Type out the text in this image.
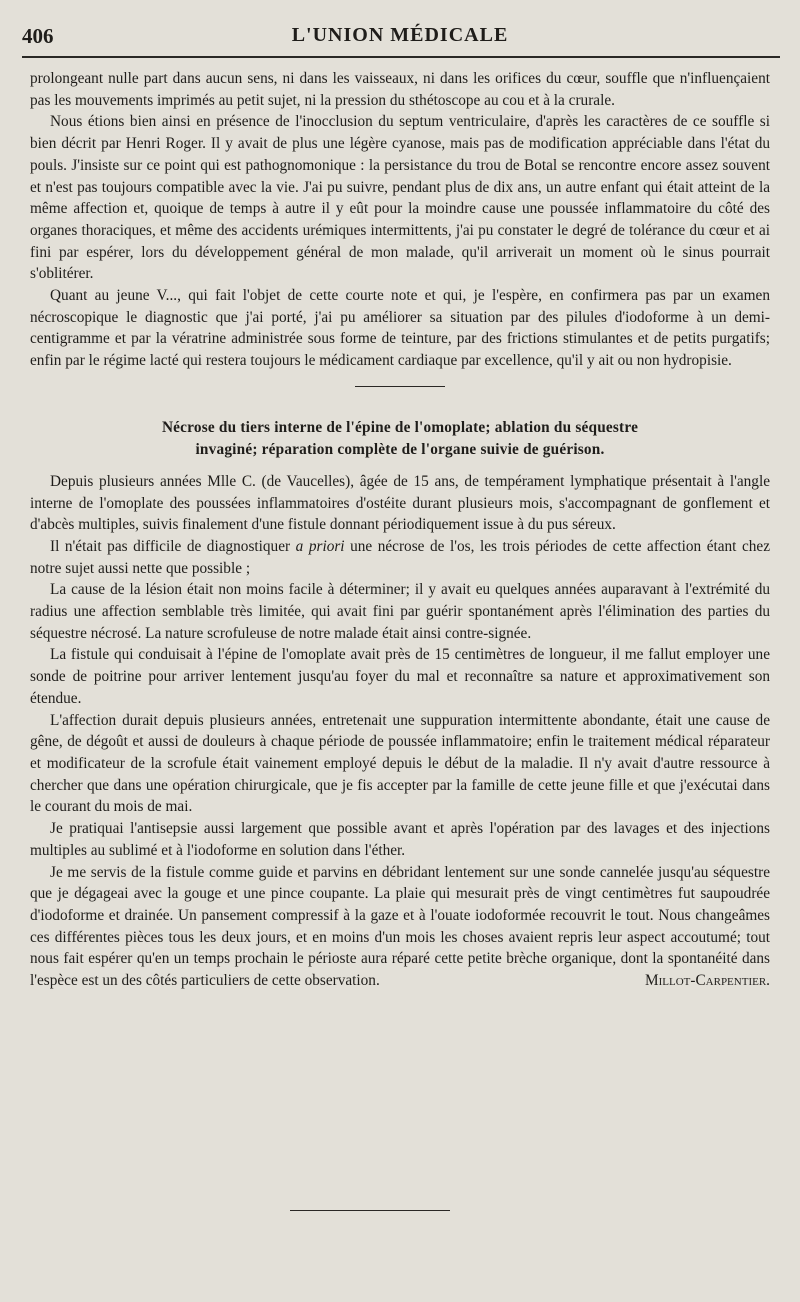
406	L'UNION MÉDICALE

prolongeant nulle part dans aucun sens, ni dans les vaisseaux, ni dans les orifices du cœur, souffle que n'influençaient pas les mouvements imprimés au petit sujet, ni la pression du sthétoscope au cou et à la crurale.

Nous étions bien ainsi en présence de l'inocclusion du septum ventriculaire, d'après les caractères de ce souffle si bien décrit par Henri Roger. Il y avait de plus une légère cyanose, mais pas de modification appréciable dans l'état du pouls. J'insiste sur ce point qui est pathognomonique : la persistance du trou de Botal se rencontre encore assez souvent et n'est pas toujours compatible avec la vie. J'ai pu suivre, pendant plus de dix ans, un autre enfant qui était atteint de la même affection et, quoique de temps à autre il y eût pour la moindre cause une poussée inflammatoire du côté des organes thoraciques, et même des accidents urémiques intermittents, j'ai pu constater le degré de tolérance du cœur et ai fini par espérer, lors du développement général de mon malade, qu'il arriverait un moment où le sinus pourrait s'oblitérer.

Quant au jeune V..., qui fait l'objet de cette courte note et qui, je l'espère, en confirmera pas par un examen nécroscopique le diagnostic que j'ai porté, j'ai pu améliorer sa situation par des pilules d'iodoforme à un demi-centigramme et par la vératrine administrée sous forme de teinture, par des frictions stimulantes et de petits purgatifs; enfin par le régime lacté qui restera toujours le médicament cardiaque par excellence, qu'il y ait ou non hydropisie.

Nécrose du tiers interne de l'épine de l'omoplate; ablation du séquestre
invaginé; réparation complète de l'organe suivie de guérison.

Depuis plusieurs années Mlle C. (de Vaucelles), âgée de 15 ans, de tempérament lymphatique présentait à l'angle interne de l'omoplate des poussées inflammatoires d'ostéite durant plusieurs mois, s'accompagnant de gonflement et d'abcès multiples, suivis finalement d'une fistule donnant périodiquement issue à du pus séreux.

Il n'était pas difficile de diagnostiquer a priori une nécrose de l'os, les trois périodes de cette affection étant chez notre sujet aussi nette que possible ;

La cause de la lésion était non moins facile à déterminer; il y avait eu quelques années auparavant à l'extrémité du radius une affection semblable très limitée, qui avait fini par guérir spontanément après l'élimination des parties du séquestre nécrosé. La nature scrofuleuse de notre malade était ainsi contre-signée.

La fistule qui conduisait à l'épine de l'omoplate avait près de 15 centimètres de longueur, il me fallut employer une sonde de poitrine pour arriver lentement jusqu'au foyer du mal et reconnaître sa nature et approximativement son étendue.

L'affection durait depuis plusieurs années, entretenait une suppuration intermittente abondante, était une cause de gêne, de dégoût et aussi de douleurs à chaque période de poussée inflammatoire; enfin le traitement médical réparateur et modificateur de la scrofule était vainement employé depuis le début de la maladie. Il n'y avait d'autre ressource à chercher que dans une opération chirurgicale, que je fis accepter par la famille de cette jeune fille et que j'exécutai dans le courant du mois de mai.

Je pratiquai l'antisepsie aussi largement que possible avant et après l'opération par des lavages et des injections multiples au sublimé et à l'iodoforme en solution dans l'éther.

Je me servis de la fistule comme guide et parvins en débridant lentement sur une sonde cannelée jusqu'au séquestre que je dégageai avec la gouge et une pince coupante. La plaie qui mesurait près de vingt centimètres fut saupoudrée d'iodoforme et drainée. Un pansement compressif à la gaze et à l'ouate iodoformée recouvrit le tout. Nous changeâmes ces différentes pièces tous les deux jours, et en moins d'un mois les choses avaient repris leur aspect accoutumé; tout nous fait espérer qu'en un temps prochain le périoste aura réparé cette petite brèche organique, dont la spontanéité dans l'espèce est un des côtés particuliers de cette observation.	Millot-Carpentier.
